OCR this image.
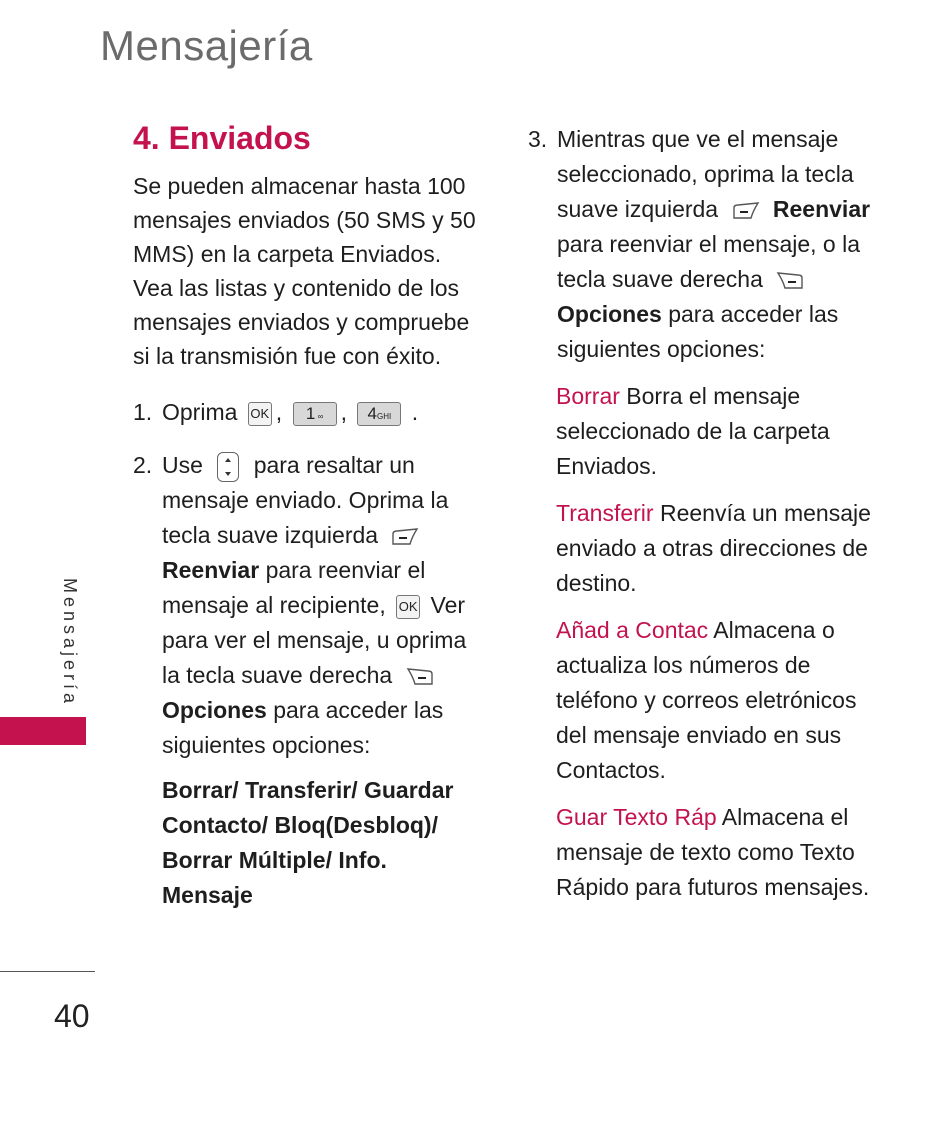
Mensajería
4. Enviados

Se pueden almacenar hasta 100 mensajes enviados (50 SMS y 50 MMS) en la carpeta Enviados. Vea las listas y contenido de los mensajes enviados y compruebe si la transmisión fue con éxito.

1. Oprima OK , 1 ∞ , 4GHI .
2. Use para resaltar un mensaje enviado. Oprima la tecla suave izquierda  Reenviar para reenviar el mensaje al recipiente, OK Ver para ver el mensaje, u oprima la tecla suave derecha  Opciones para acceder las siguientes opciones:
Borrar/ Transferir/ Guardar Contacto/ Bloq(Desbloq)/ Borrar Múltiple/ Info. Mensaje
3. Mientras que ve el mensaje seleccionado, oprima la tecla suave izquierda Reenviar para reenviar el mensaje, o la tecla suave derecha  Opciones para acceder las siguientes opciones:
Borrar Borra el mensaje seleccionado de la carpeta Enviados.
Transferir Reenvía un mensaje enviado a otras direcciones de destino.
Añad a Contac Almacena o actualiza los números de teléfono y correos eletrónicos del mensaje enviado en sus Contactos.
Guar Texto Ráp Almacena el mensaje de texto como Texto Rápido para futuros mensajes.
Mensajería
40
